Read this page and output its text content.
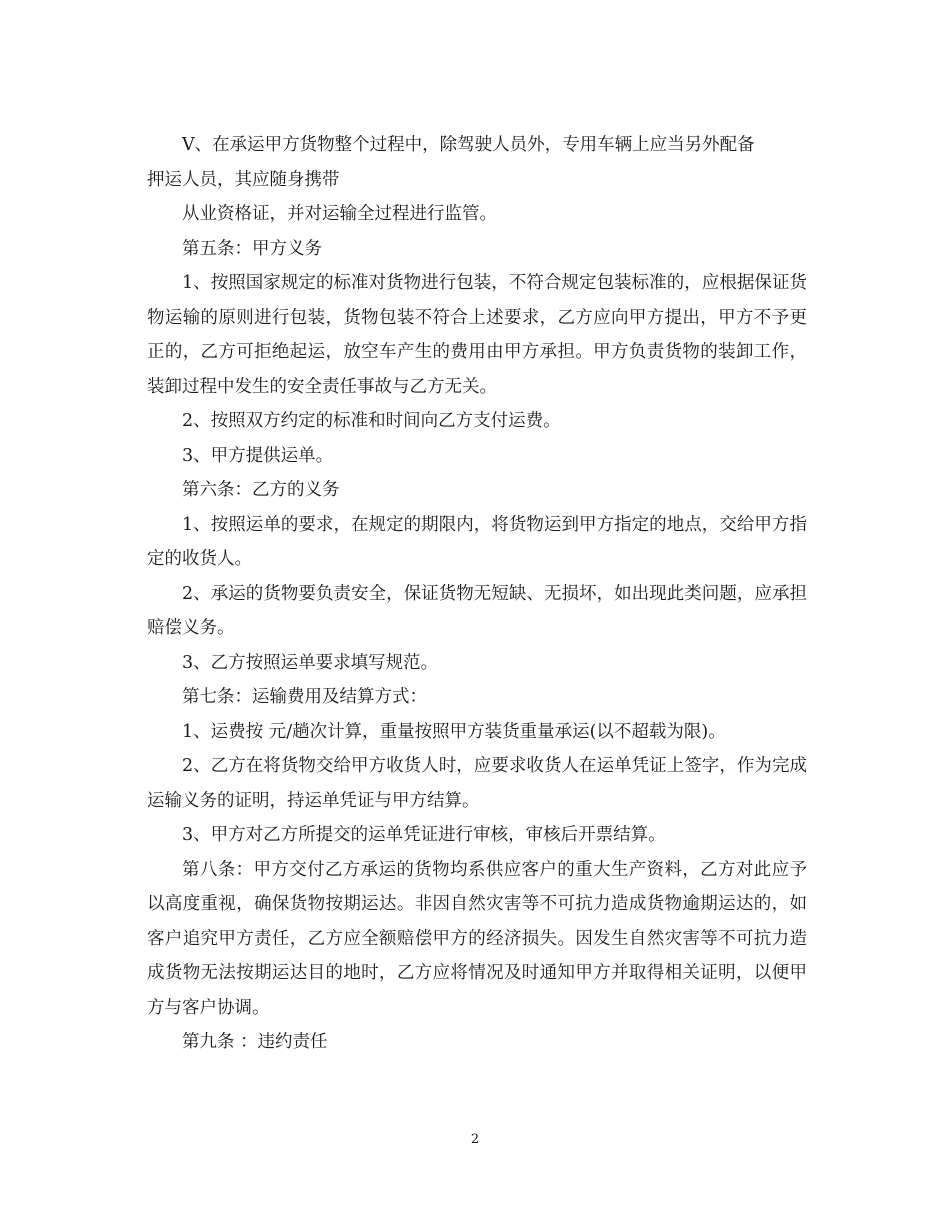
V、在承运甲方货物整个过程中，除驾驶人员外，专用车辆上应当另外配备
押运人员，其应随身携带

从业资格证，并对运输全过程进行监管。

第五条：甲方义务

1、按照国家规定的标准对货物进行包装，不符合规定包装标准的，应根据保证货物运输的原则进行包装，货物包装不符合上述要求，乙方应向甲方提出，甲方不予更正的，乙方可拒绝起运，放空车产生的费用由甲方承担。甲方负责货物的装卸工作，装卸过程中发生的安全责任事故与乙方无关。

2、按照双方约定的标准和时间向乙方支付运费。

3、甲方提供运单。

第六条：乙方的义务

1、按照运单的要求，在规定的期限内，将货物运到甲方指定的地点，交给甲方指定的收货人。

2、承运的货物要负责安全，保证货物无短缺、无损坏，如出现此类问题，应承担赔偿义务。

3、乙方按照运单要求填写规范。

第七条：运输费用及结算方式：

1、运费按 元/趟次计算，重量按照甲方装货重量承运(以不超载为限)。

2、乙方在将货物交给甲方收货人时，应要求收货人在运单凭证上签字，作为完成运输义务的证明，持运单凭证与甲方结算。

3、甲方对乙方所提交的运单凭证进行审核，审核后开票结算。

第八条：甲方交付乙方承运的货物均系供应客户的重大生产资料，乙方对此应予以高度重视，确保货物按期运达。非因自然灾害等不可抗力造成货物逾期运达的，如客户追究甲方责任，乙方应全额赔偿甲方的经济损失。因发生自然灾害等不可抗力造成货物无法按期运达目的地时，乙方应将情况及时通知甲方并取得相关证明，以便甲方与客户协调。

第九条 ：违约责任

2
